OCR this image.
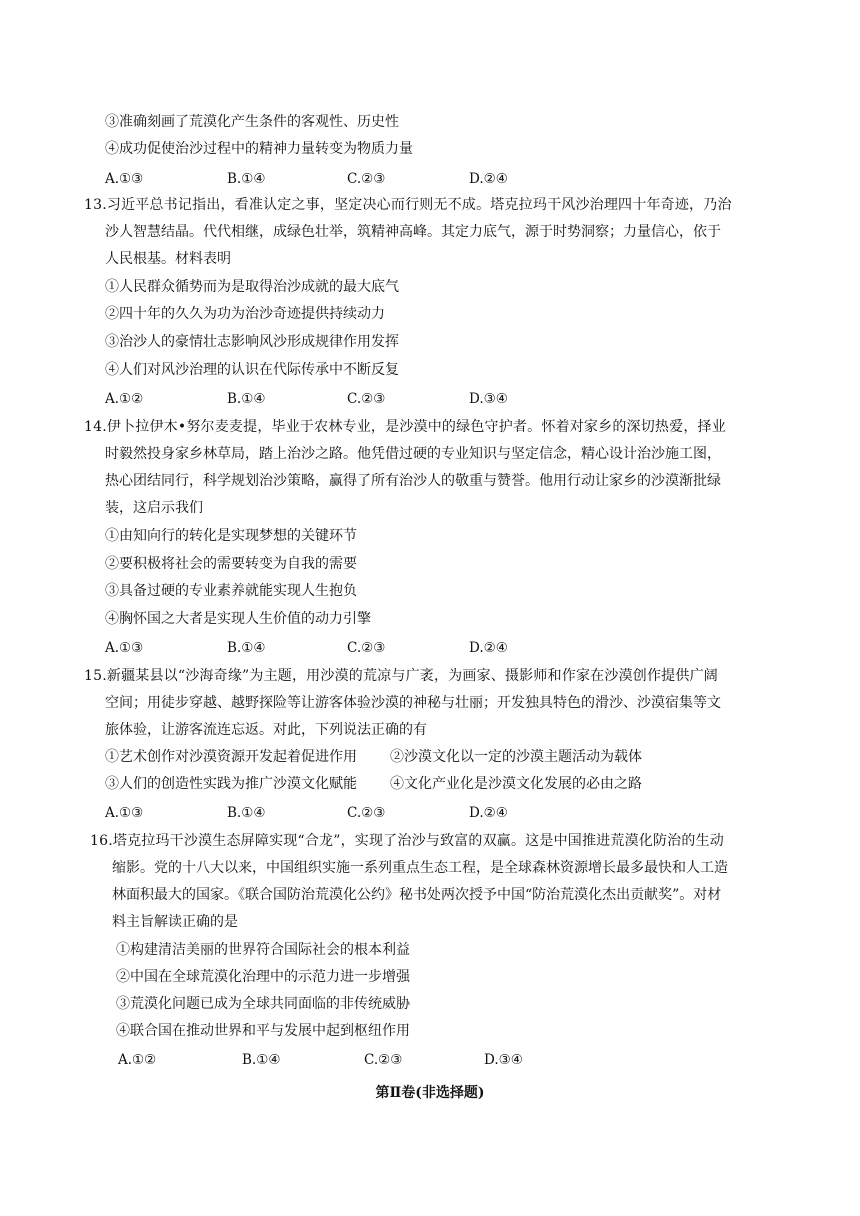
③准确刻画了荒漠化产生条件的客观性、历史性
④成功促使治沙过程中的精神力量转变为物质力量
A.①③	B.①④	C.②③	D.②④
13.习近平总书记指出，看准认定之事，坚定决心而行则无不成。塔克拉玛干风沙治理四十年奇迹，乃治
沙人智慧结晶。代代相继，成绿色壮举，筑精神高峰。其定力底气，源于时势洞察；力量信心，依于
人民根基。材料表明
①人民群众循势而为是取得治沙成就的最大底气
②四十年的久久为功为治沙奇迹提供持续动力
③治沙人的豪情壮志影响风沙形成规律作用发挥
④人们对风沙治理的认识在代际传承中不断反复
A.①②	B.①④	C.②③	D.③④
14.伊卜拉伊木•努尔麦麦提，毕业于农林专业，是沙漠中的绿色守护者。怀着对家乡的深切热爱，择业
时毅然投身家乡林草局，踏上治沙之路。他凭借过硬的专业知识与坚定信念，精心设计治沙施工图，
热心团结同行，科学规划治沙策略，赢得了所有治沙人的敬重与赞誉。他用行动让家乡的沙漠渐批绿
装，这启示我们
①由知向行的转化是实现梦想的关键环节
②要积极将社会的需要转变为自我的需要
③具备过硬的专业素养就能实现人生抱负
④胸怀国之大者是实现人生价值的动力引擎
A.①③	B.①④	C.②③	D.②④
15.新疆某县以“沙海奇缘”为主题，用沙漠的荒凉与广袤，为画家、摄影师和作家在沙漠创作提供广阔
空间；用徒步穿越、越野探险等让游客体验沙漠的神秘与壮丽；开发独具特色的滑沙、沙漠宿集等文
旅体验，让游客流连忘返。对此，下列说法正确的有
①艺术创作对沙漠资源开发起着促进作用 ②沙漠文化以一定的沙漠主题活动为载体
③人们的创造性实践为推广沙漠文化赋能 ④文化产业化是沙漠文化发展的必由之路
A.①③	B.①④	C.②③	D.②④
16.塔克拉玛干沙漠生态屏障实现“合龙”，实现了治沙与致富的双赢。这是中国推进荒漠化防治的生动
缩影。党的十八大以来，中国组织实施一系列重点生态工程，是全球森林资源增长最多最快和人工造
林面积最大的国家。《联合国防治荒漠化公约》秘书处两次授予中国“防治荒漠化杰出贡献奖”。对材
料主旨解读正确的是
①构建清洁美丽的世界符合国际社会的根本利益
②中国在全球荒漠化治理中的示范力进一步增强
③荒漠化问题已成为全球共同面临的非传统威胁
④联合国在推动世界和平与发展中起到枢纽作用
A.①②	B.①④	C.②③	D.③④
第Ⅱ卷(非选择题)
